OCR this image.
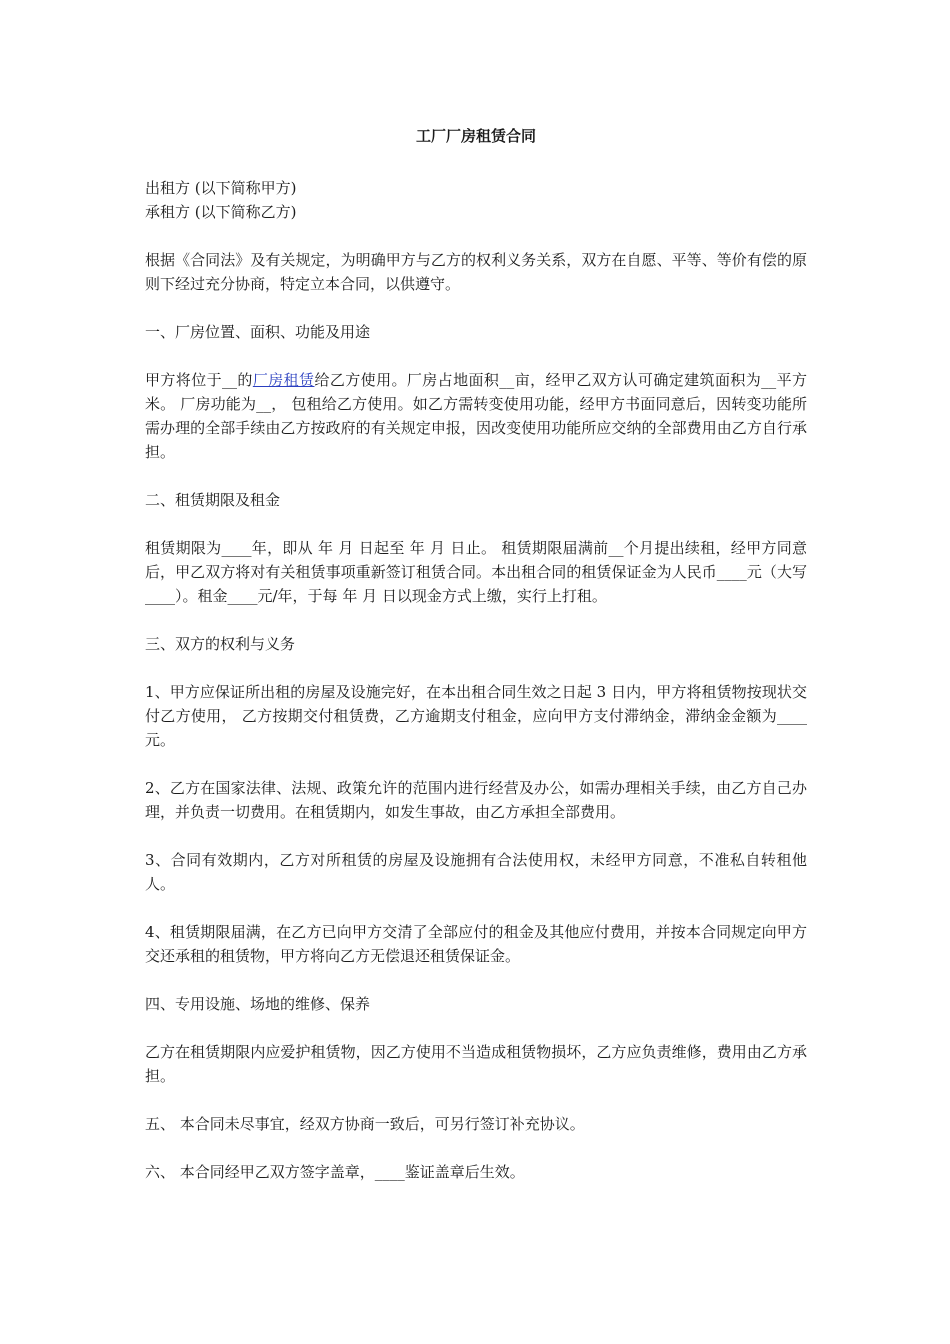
工厂厂房租赁合同

出租方 (以下简称甲方)

承租方 (以下简称乙方)

根据《合同法》及有关规定，为明确甲方与乙方的权利义务关系，双方在自愿、平等、等价有偿的原则下经过充分协商，特定立本合同，以供遵守。

一、厂房位置、面积、功能及用途

甲方将位于__的厂房租赁给乙方使用。厂房占地面积__亩，经甲乙双方认可确定建筑面积为__平方米。 厂房功能为__， 包租给乙方使用。如乙方需转变使用功能，经甲方书面同意后，因转变功能所需办理的全部手续由乙方按政府的有关规定申报，因改变使用功能所应交纳的全部费用由乙方自行承担。

二、租赁期限及租金

租赁期限为____年，即从 年 月 日起至 年 月 日止。 租赁期限届满前__个月提出续租，经甲方同意后，甲乙双方将对有关租赁事项重新签订租赁合同。本出租合同的租赁保证金为人民币____元（大写____）。租金____元/年，于每 年 月 日以现金方式上缴，实行上打租。

三、双方的权利与义务

1、甲方应保证所出租的房屋及设施完好，在本出租合同生效之日起 3 日内，甲方将租赁物按现状交付乙方使用， 乙方按期交付租赁费，乙方逾期支付租金，应向甲方支付滞纳金，滞纳金金额为____元。

2、乙方在国家法律、法规、政策允许的范围内进行经营及办公，如需办理相关手续，由乙方自己办理，并负责一切费用。在租赁期内，如发生事故，由乙方承担全部费用。

3、合同有效期内，乙方对所租赁的房屋及设施拥有合法使用权，未经甲方同意，不准私自转租他人。

4、租赁期限届满，在乙方已向甲方交清了全部应付的租金及其他应付费用，并按本合同规定向甲方交还承租的租赁物，甲方将向乙方无偿退还租赁保证金。

四、专用设施、场地的维修、保养

乙方在租赁期限内应爱护租赁物，因乙方使用不当造成租赁物损坏，乙方应负责维修，费用由乙方承担。

五、 本合同未尽事宜，经双方协商一致后，可另行签订补充协议。

六、 本合同经甲乙双方签字盖章，____鉴证盖章后生效。
